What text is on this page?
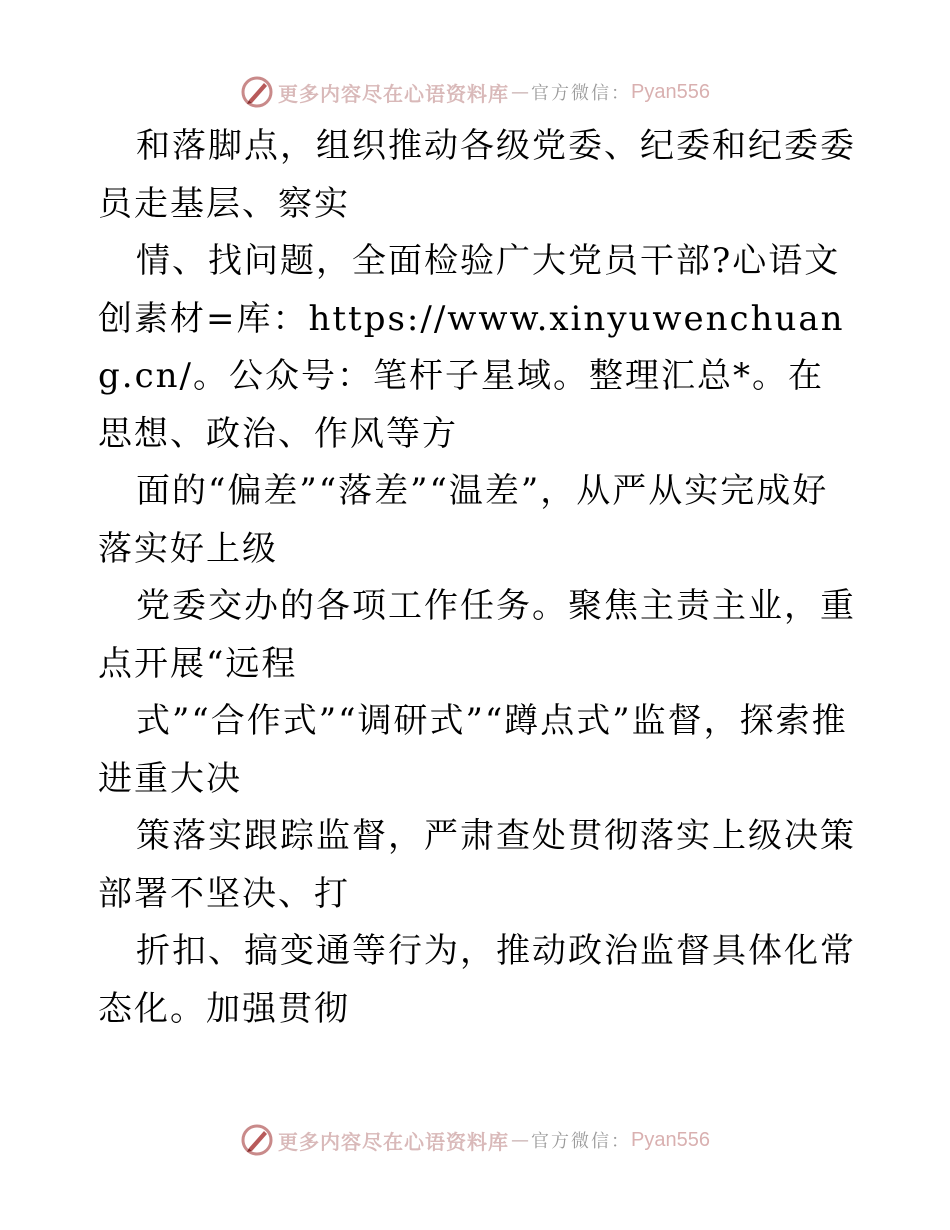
更多内容尽在心语资料库 — 官方微信： Pyan556

和落脚点，组织推动各级党委、纪委和纪委委员走基层、察实

情、找问题，全面检验广大党员干部?心语文创素材=库：https://www.xinyuwenchuang.cn/。公众号：笔杆子星域。整理汇总*。在思想、政治、作风等方

面的“偏差”“落差”“温差”，从严从实完成好落实好上级

党委交办的各项工作任务。聚焦主责主业，重点开展“远程

式”“合作式”“调研式”“蹲点式”监督，探索推进重大决

策落实跟踪监督，严肃查处贯彻落实上级决策部署不坚决、打

折扣、搞变通等行为，推动政治监督具体化常态化。加强贯彻

更多内容尽在心语资料库 — 官方微信： Pyan556
